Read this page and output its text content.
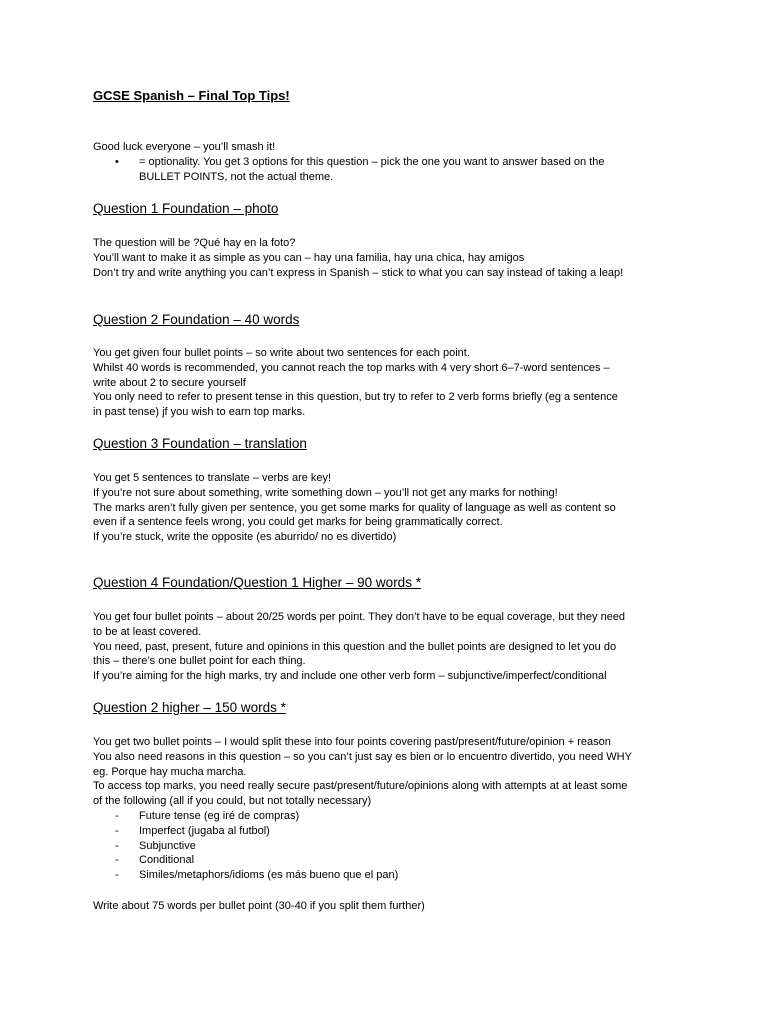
GCSE Spanish – Final Top Tips!

Good luck everyone – you’ll smash it!

• = optionality. You get 3 options for this question – pick the one you want to answer based on the
BULLET POINTS, not the actual theme.
Question 1 Foundation – photo

The question will be ?Qué hay en la foto?

You’ll want to make it as simple as you can – hay una familia, hay una chica, hay amigos

Don’t try and write anything you can’t express in Spanish – stick to what you can say instead of taking a leap!

Question 2 Foundation – 40 words

You get given four bullet points – so write about two sentences for each point.

Whilst 40 words is recommended, you cannot reach the top marks with 4 very short 6–7-word sentences –

write about 2 to secure yourself

You only need to refer to present tense in this question, but try to refer to 2 verb forms briefly (eg a sentence

in past tense) jf you wish to earn top marks.

Question 3 Foundation – translation

You get 5 sentences to translate – verbs are key!

If you’re not sure about something, write something down – you’ll not get any marks for nothing!

The marks aren’t fully given per sentence, you get some marks for quality of language as well as content so

even if a sentence feels wrong, you could get marks for being grammatically correct.

If you’re stuck, write the opposite (es aburrido/ no es divertido)

Question 4 Foundation/Question 1 Higher – 90 words *

You get four bullet points – about 20/25 words per point. They don’t have to be equal coverage, but they need

to be at least covered.

You need, past, present, future and opinions in this question and the bullet points are designed to let you do

this – there’s one bullet point for each thing.

If you’re aiming for the high marks, try and include one other verb form – subjunctive/imperfect/conditional

Question 2 higher – 150 words *

You get two bullet points – I would split these into four points covering past/present/future/opinion + reason

You also need reasons in this question – so you can’t just say es bien or lo encuentro divertido, you need WHY

eg. Porque hay mucha marcha.

To access top marks, you need really secure past/present/future/opinions along with attempts at at least some

of the following (all if you could, but not totally necessary)

- Future tense (eg iré de compras)
- Imperfect (jugaba al futbol)
- Subjunctive
- Conditional
- Similes/metaphors/idioms (es más bueno que el pan)

Write about 75 words per bullet point (30-40 if you split them further)
